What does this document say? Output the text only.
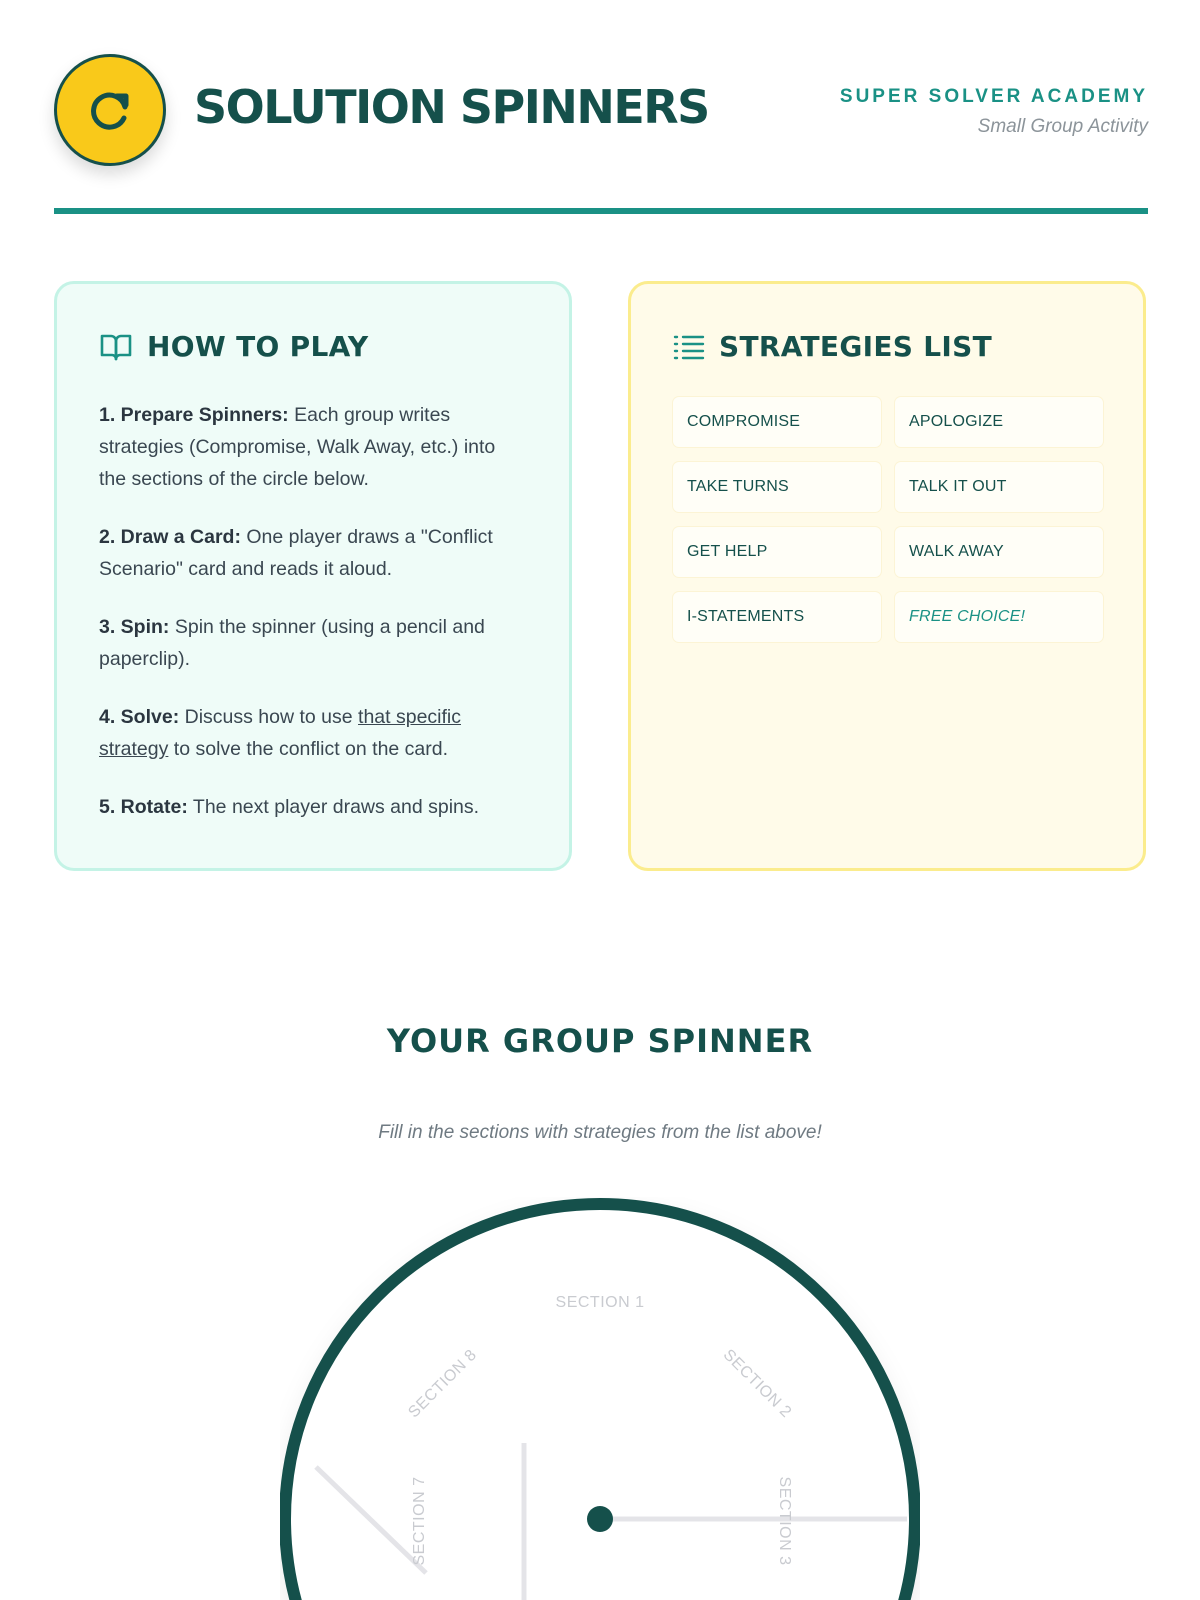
SOLUTION SPINNERS	SUPER SOLVER ACADEMY
Small Group Activity
HOW TO PLAY

1. Prepare Spinners: Each group writes strategies (Compromise, Walk Away, etc.) into the sections of the circle below.

2. Draw a Card: One player draws a "Conflict Scenario" card and reads it aloud.

3. Spin: Spin the spinner (using a pencil and paperclip).

4. Solve: Discuss how to use that specific strategy to solve the conflict on the card.

5. Rotate: The next player draws and spins.

STRATEGIES LIST
COMPROMISE	APOLOGIZE
TAKE TURNS	TALK IT OUT
GET HELP	WALK AWAY
I-STATEMENTS	FREE CHOICE!
YOUR GROUP SPINNER
Fill in the sections with strategies from the list above!
SECTION 1
SECTION 2
SECTION 3
SECTION 7
SECTION 8
